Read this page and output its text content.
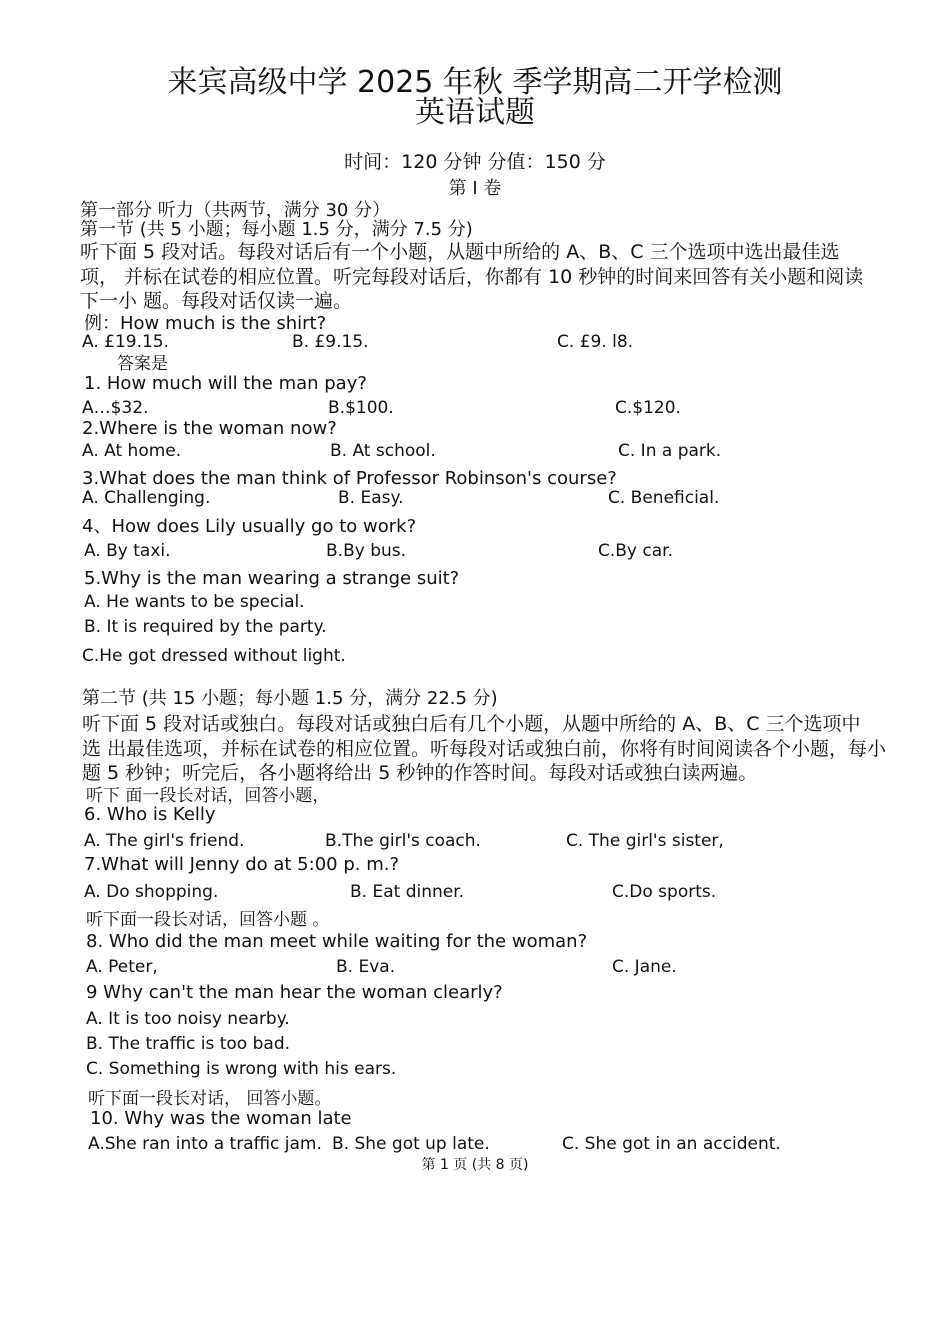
来宾高级中学 2025 年秋 季学期高二开学检测
英语试题
时间：120 分钟 分值：150 分
第 Ⅰ 卷
第一部分 听力（共两节，满分 30 分）
第一节 (共 5 小题；每小题 1.5 分，满分 7.5 分)
听下面 5 段对话。每段对话后有一个小题，从题中所给的 A、B、C 三个选项中选出最佳选
项， 并标在试卷的相应位置。听完每段对话后，你都有 10 秒钟的时间来回答有关小题和阅读
下一小 题。每段对话仅读一遍。
例：How much is the shirt?
A. £19.15.	B. £9.15.	C. £9. l8.
答案是
1. How much will the man pay?
A…$32.	B.$100.	C.$120.
2.Where is the woman now?
A. At home.	B. At school.	C. In a park.
3.What does the man think of Professor Robinson's course?
A. Challenging.	B. Easy.	C. Beneficial.
4、How does Lily usually go to work?
A. By taxi.	B.By bus.	C.By car.
5.Why is the man wearing a strange suit?
A. He wants to be special.
B. It is required by the party.
C.He got dressed without light.
第二节 (共 15 小题；每小题 1.5 分，满分 22.5 分)
听下面 5 段对话或独白。每段对话或独白后有几个小题，从题中所给的 A、B、C 三个选项中
选 出最佳选项，并标在试卷的相应位置。听每段对话或独白前，你将有时间阅读各个小题，每小
题 5 秒钟；听完后，各小题将给出 5 秒钟的作答时间。每段对话或独白读两遍。
听下 面一段长对话，回答小题，
6. Who is Kelly
A. The girl's friend.	B.The girl's coach.	C. The girl's sister,
7.What will Jenny do at 5:00 p. m.?
A. Do shopping.	B. Eat dinner.	C.Do sports.
听下面一段长对话，回答小题 。
8. Who did the man meet while waiting for the woman?
A. Peter,	B. Eva.	C. Jane.
9 Why can't the man hear the woman clearly?
A. It is too noisy nearby.
B. The traffic is too bad.
C. Something is wrong with his ears.
听下面一段长对话， 回答小题。
10. Why was the woman late
A.She ran into a traffic jam. B. She got up late.	C. She got in an accident.
第 1 页 (共 8 页)
